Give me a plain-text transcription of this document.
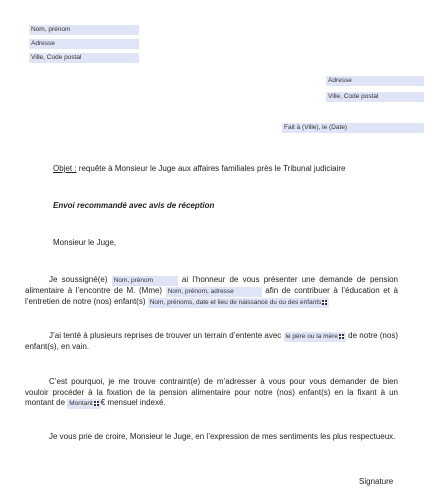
Nom, prénom
Adresse
Ville, Code postal
Adresse
Ville, Code postal
Fait à (Ville), le (Date)
Objet : requête à Monsieur le Juge aux affaires familiales près le Tribunal judiciaire
Envoi recommandé avec avis de réception
Monsieur le Juge,
Je soussigné(e) Nom, prénom	ai l’honneur de vous présenter une demande de pension alimentaire à l’encontre de M. (Mme) Nom, prénom, adresse	afin de contribuer à l’éducation et à l’entretien de notre (nos) enfant(s) Nom, prénoms, date et lieu de naissance du ou des enfants
J’ai tenté à plusieurs reprises de trouver un terrain d’entente avec le père ou la mère de notre (nos) enfant(s), en vain.
C’est pourquoi, je me trouve contraint(e) de m’adresser à vous pour vous demander de bien vouloir procéder à la fixation de la pension alimentaire pour notre (nos) enfant(s) en la fixant à un montant de Montant € mensuel indexé.
Je vous prie de croire, Monsieur le Juge, en l’expression de mes sentiments les plus respectueux.
Signature
